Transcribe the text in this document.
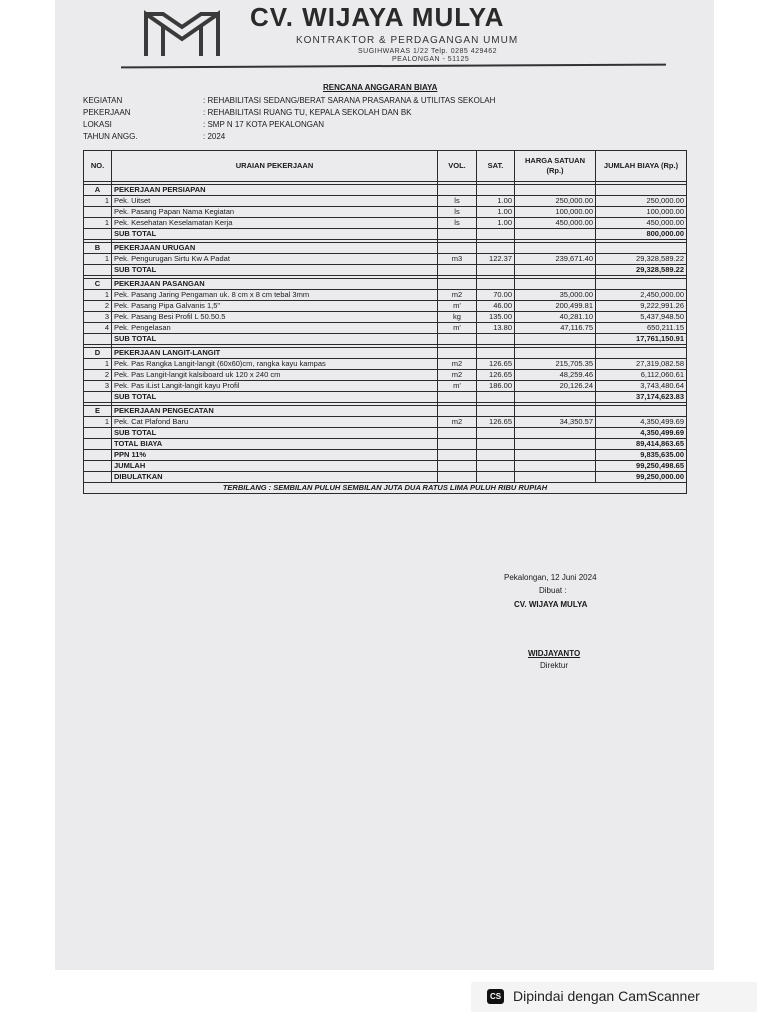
CV. WIJAYA MULYA
KONTRAKTOR & PERDAGANGAN UMUM
SUGIHWARAS 1/22 Telp. 0285 429462
PEALONGAN - 51125
RENCANA ANGGARAN BIAYA
KEGIATAN	: REHABILITASI SEDANG/BERAT SARANA PRASARANA & UTILITAS SEKOLAH
PEKERJAAN	: REHABILITASI RUANG TU, KEPALA SEKOLAH DAN BK
LOKASI	: SMP N 17 KOTA PEKALONGAN
TAHUN ANGG.	: 2024
NO.	URAIAN PEKERJAAN	VOL.	SAT.	HARGA SATUAN (Rp.)	JUMLAH BIAYA (Rp.)

A	PEKERJAAN PERSIAPAN				
1	Pek. Uitset	ls	1.00	250,000.00	250,000.00
	Pek. Pasang Papan Nama Kegiatan	ls	1.00	100,000.00	100,000.00
1	Pek. Kesehatan Keselamatan Kerja	ls	1.00	450,000.00	450,000.00
	SUB TOTAL				800,000.00

B	PEKERJAAN URUGAN				
1	Pek. Pengurugan Sirtu Kw A Padat	m3	122.37	239,671.40	29,328,589.22
	SUB TOTAL				29,328,589.22

C	PEKERJAAN PASANGAN				
1	Pek. Pasang Jaring Pengaman uk. 8 cm x 8 cm tebal 3mm	m2	70.00	35,000.00	2,450,000.00
2	Pek. Pasang Pipa Galvanis 1,5"	m'	46.00	200,499.81	9,222,991.26
3	Pek. Pasang Besi Profil L 50.50.5	kg	135.00	40,281.10	5,437,948.50
4	Pek. Pengelasan	m'	13.80	47,116.75	650,211.15
	SUB TOTAL				17,761,150.91

D	PEKERJAAN LANGIT-LANGIT				
1	Pek. Pas Rangka Langit-langit (60x60)cm, rangka kayu kampas	m2	126.65	215,705.35	27,319,082.58
2	Pek. Pas Langit-langit kalsiboard uk 120 x 240 cm	m2	126.65	48,259.46	6,112,060.61
3	Pek. Pas iList Langit-langit kayu Profil	m'	186.00	20,126.24	3,743,480.64
	SUB TOTAL				37,174,623.83

E	PEKERJAAN PENGECATAN				
1	Pek. Cat Plafond Baru	m2	126.65	34,350.57	4,350,499.69
	SUB TOTAL				4,350,499.69
	TOTAL BIAYA				89,414,863.65
	PPN 11%				9,835,635.00
	JUMLAH				99,250,498.65
	DIBULATKAN				99,250,000.00
TERBILANG : SEMBILAN PULUH SEMBILAN JUTA DUA RATUS LIMA PULUH RIBU RUPIAH					
Pekalongan, 12 Juni 2024
Dibuat :
CV. WIJAYA MULYA
WIDJAYANTO
Direktur
CS Dipindai dengan CamScanner
